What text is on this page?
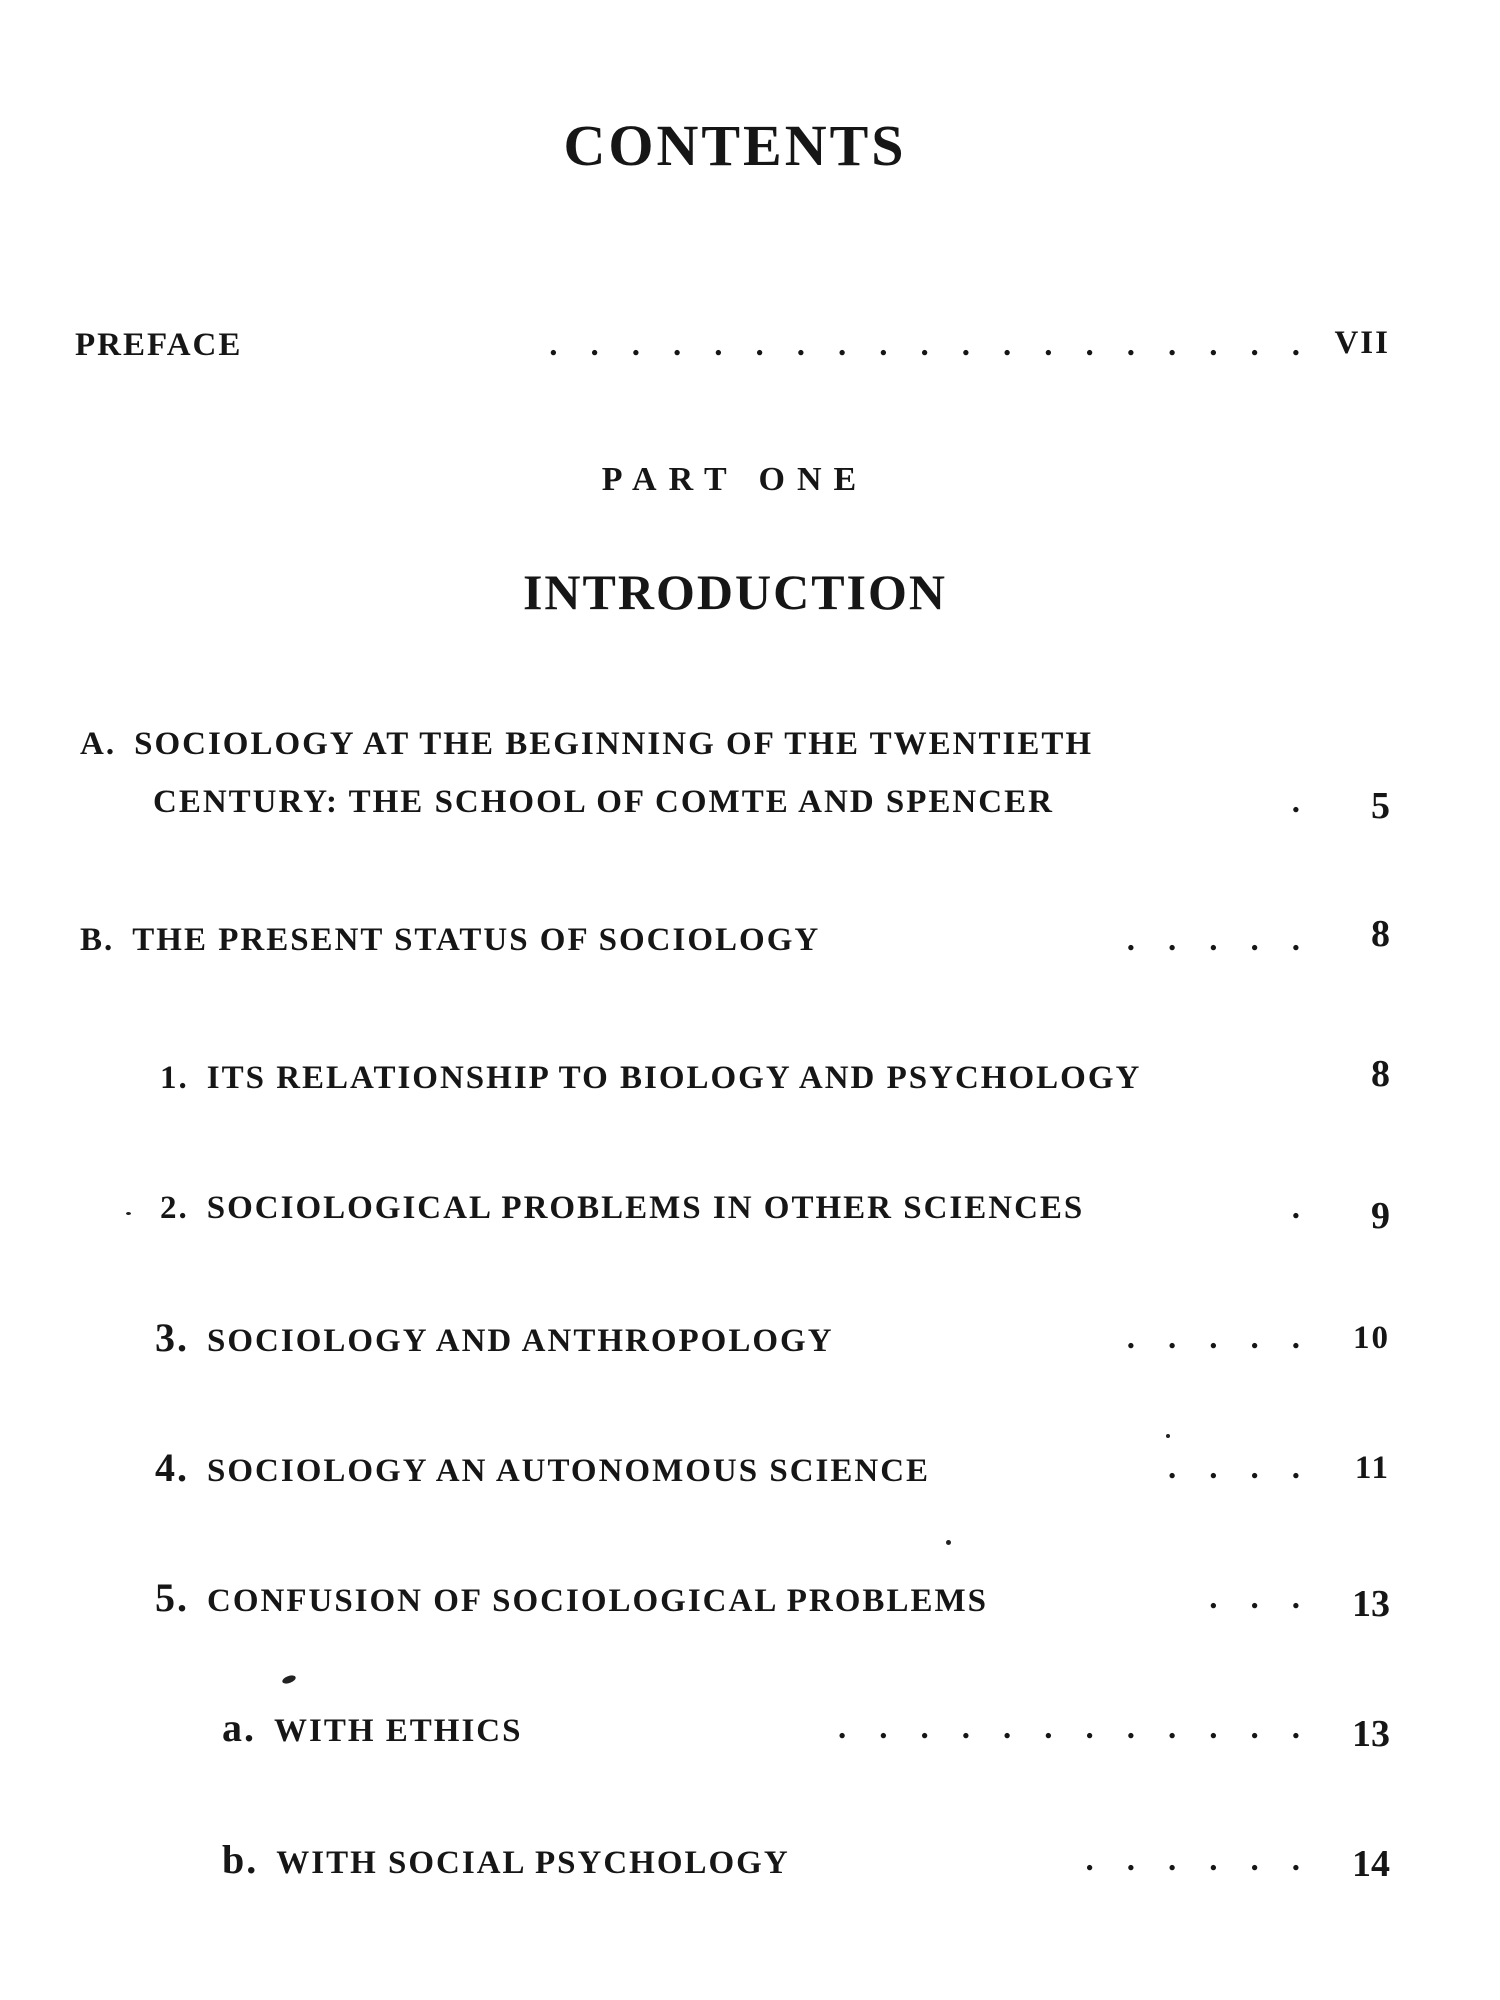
CONTENTS
PREFACE	.    .    .    .    .    .    .    .    .    .    .    .    .    .    .    .    .    .    . VII
PART ONE
INTRODUCTION
A. SOCIOLOGY AT THE BEGINNING OF THE TWENTIETH
CENTURY: THE SCHOOL OF COMTE AND SPENCER	. 5
B. THE PRESENT STATUS OF SOCIOLOGY	.    .    .    .    . 8
1. ITS RELATIONSHIP TO BIOLOGY AND PSYCHOLOGY	8
2. SOCIOLOGICAL PROBLEMS IN OTHER SCIENCES	. 9
3. SOCIOLOGY AND ANTHROPOLOGY	.    .    .    .    . 10
4. SOCIOLOGY AN AUTONOMOUS SCIENCE	.    .    .    . 11
5. CONFUSION OF SOCIOLOGICAL PROBLEMS	.    .    . 13
a. WITH ETHICS	.    .    .    .    .    .    .    .    .    .    .    . 13
b. WITH SOCIAL PSYCHOLOGY	.    .    .    .    .    . 14
